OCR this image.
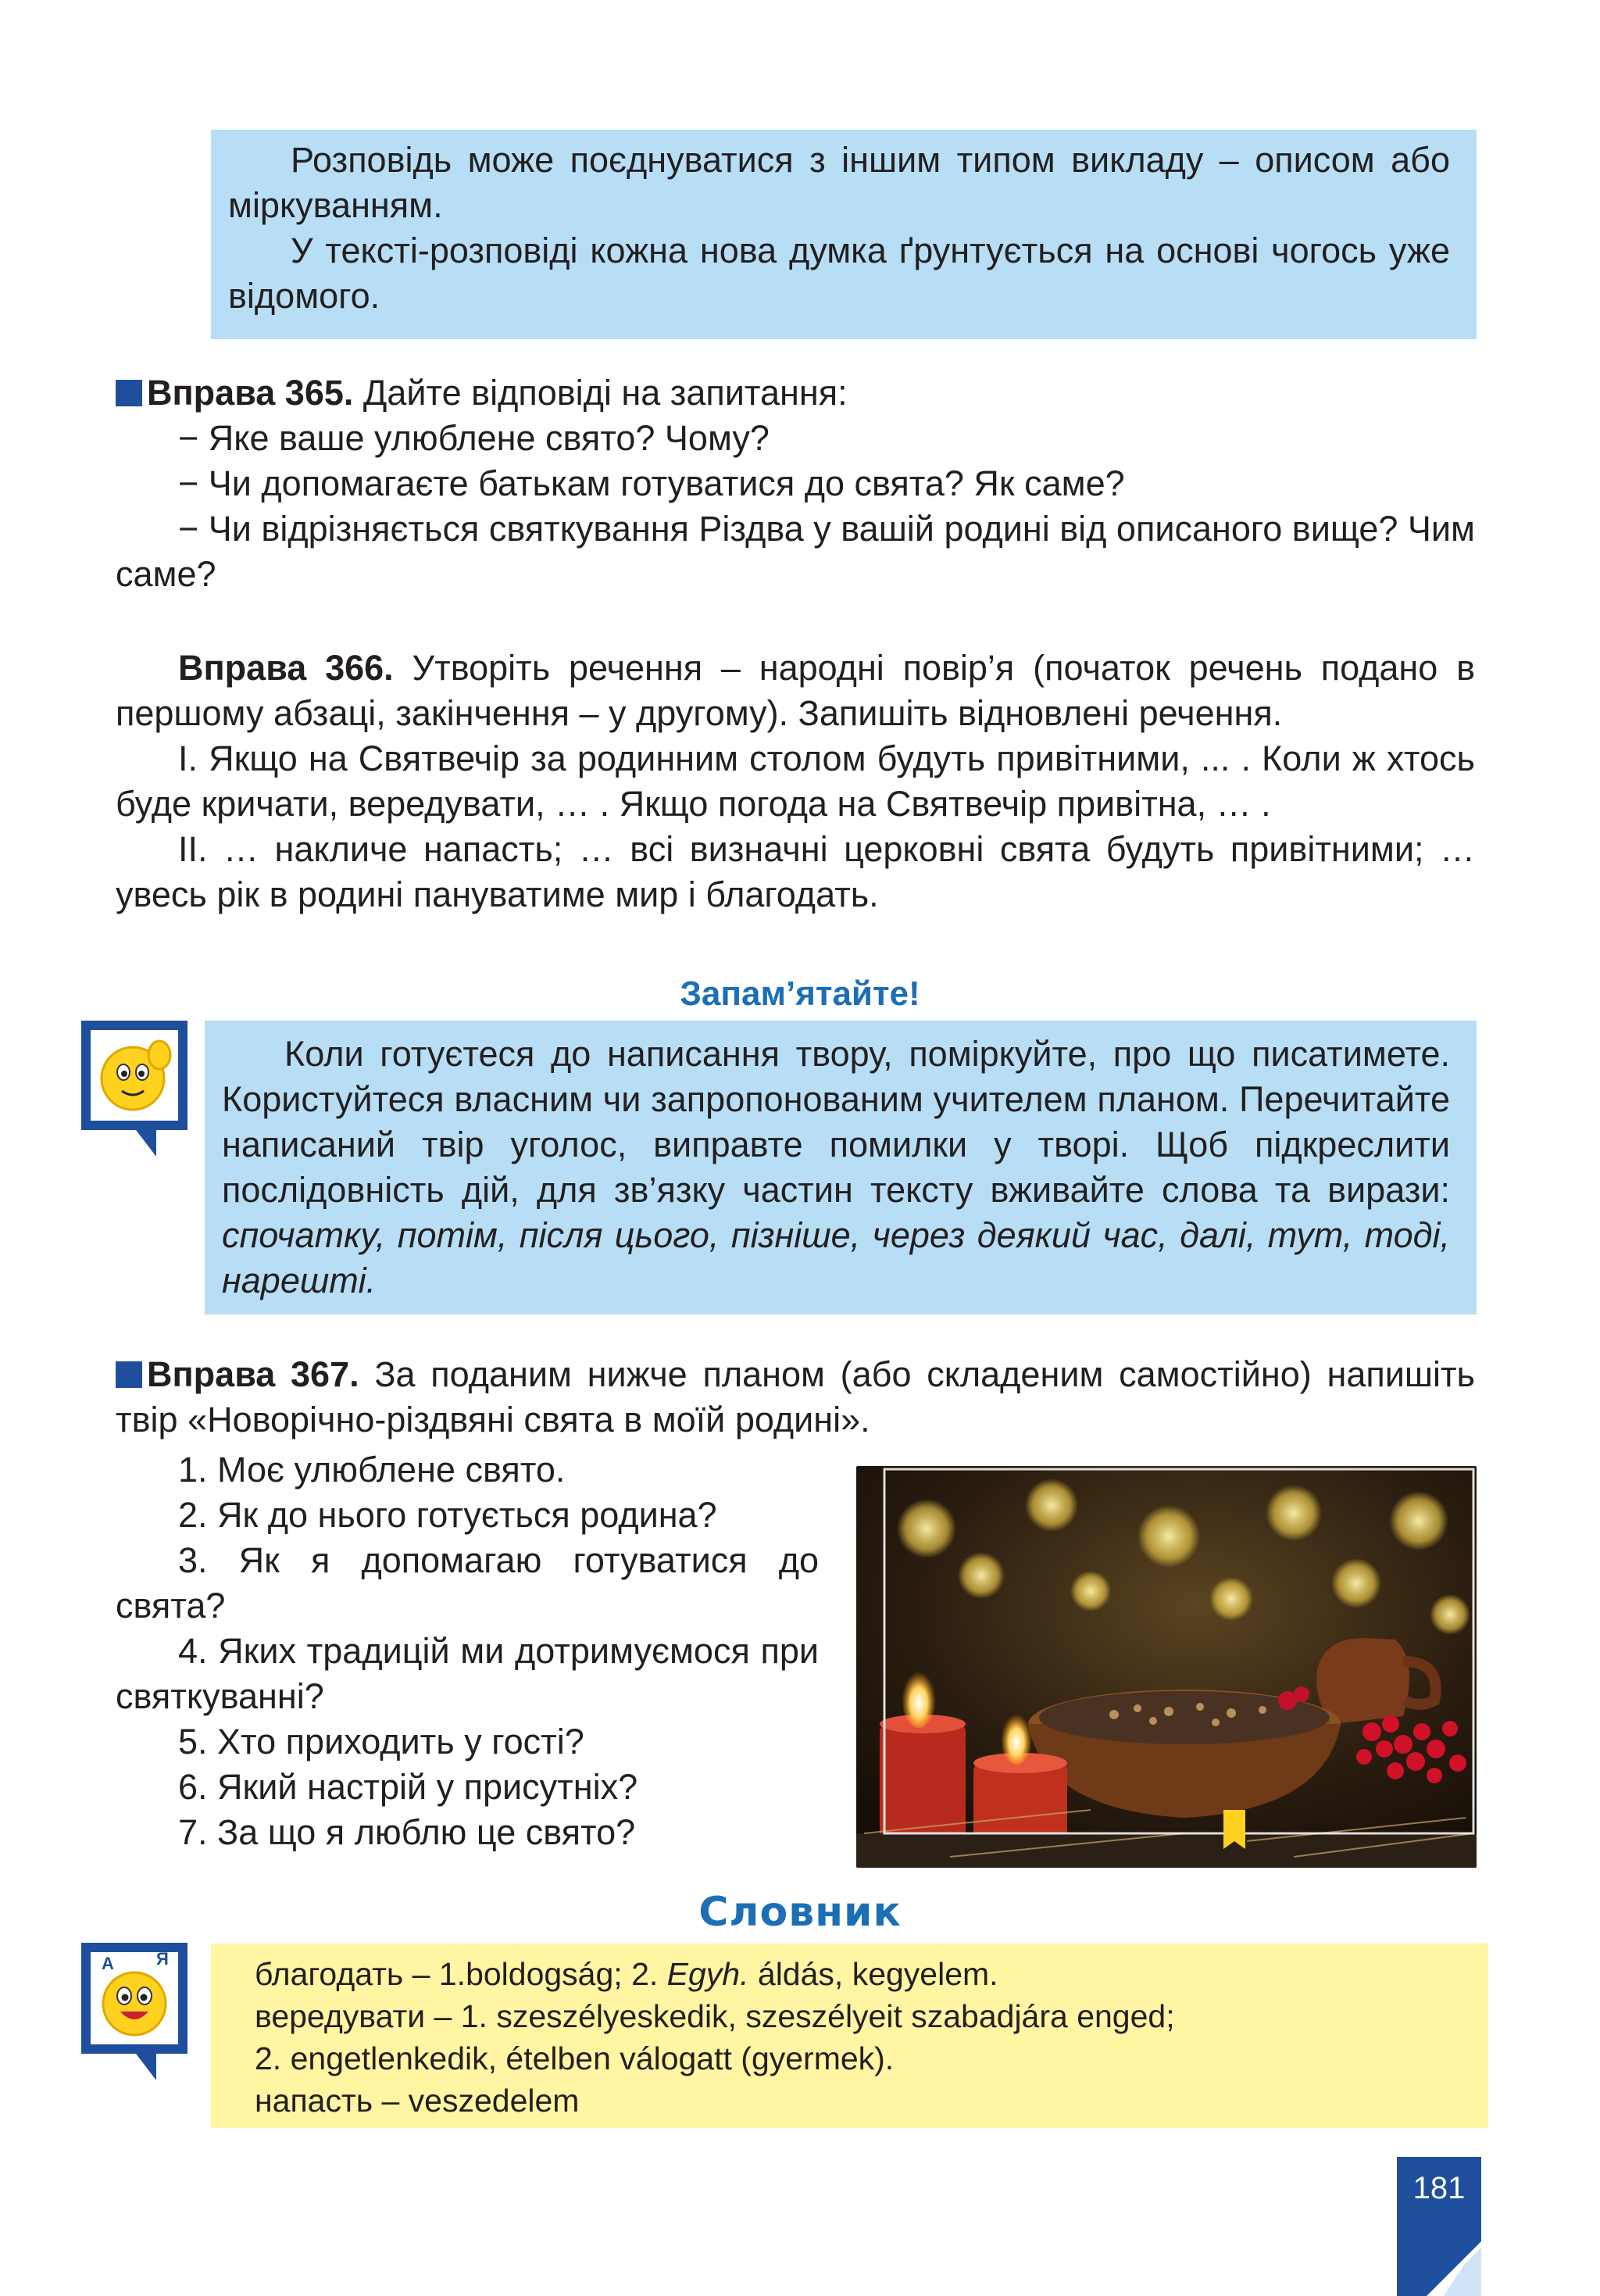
Розповідь може поєднуватися з іншим типом викладу – описом або міркуванням.
У тексті-розповіді кожна нова думка ґрунтується на основі чогось уже відомого.
Вправа 365. Дайте відповіді на запитання:
− Яке ваше улюблене свято? Чому?
− Чи допомагаєте батькам готуватися до свята? Як саме?
− Чи відрізняється святкування Різдва у вашій родині від описаного вище? Чим саме?
Вправа 366. Утворіть речення – народні повір’я (початок речень подано в першому абзаці, закінчення – у другому). Запишіть відновлені речення.
І. Якщо на Святвечір за родинним столом будуть привітними, ... . Коли ж хтось буде кричати, вередувати, … . Якщо погода на Святвечір привітна, … .
ІІ. … накличе напасть; … всі визначні церковні свята будуть привітними; …увесь рік в родині пануватиме мир і благодать.
Запам’ятайте!
Коли готуєтеся до написання твору, поміркуйте, про що писатимете. Користуйтеся власним чи запропонованим учителем планом. Перечитайте написаний твір уголос, виправте помилки у творі. Щоб підкреслити послідовність дій, для зв’язку частин тексту вживайте слова та вирази: спочатку, потім, після цього, пізніше, через деякий час, далі, тут, тоді, нарешті.
Вправа 367. За поданим нижче планом (або складеним самостійно) напишіть твір «Новорічно-різдвяні свята в моїй родині».
1. Моє улюблене свято.
2. Як до нього готується родина?
3. Як я допомагаю готуватися до свята?
4. Яких традицій ми дотримуємося при святкуванні?
5. Хто приходить у гості?
6. Який настрій у присутніх?
7. За що я люблю це свято?
Словник
А Я	благодать – 1.boldogság; 2. Egyh. áldás, kegyelem.
вередувати – 1. szeszélyeskedik, szeszélyeit szabadjára enged;
2. engetlenkedik, ételben válogatt (gyermek).
напасть – veszedelem
181
